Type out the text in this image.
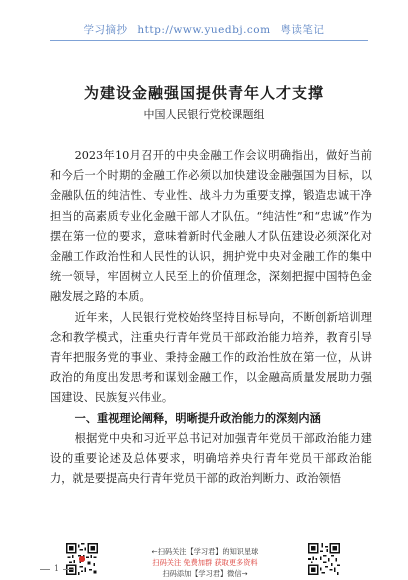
学习摘抄 http://www.yuedbj.com 粤读笔记
为建设金融强国提供青年人才支撑
中国人民银行党校课题组

2023年10月召开的中央金融工作会议明确指出，做好当前和今后一个时期的金融工作必须以加快建设金融强国为目标，以金融队伍的纯洁性、专业性、战斗力为重要支撑，锻造忠诚干净担当的高素质专业化金融干部人才队伍。“纯洁性”和“忠诚”作为摆在第一位的要求，意味着新时代金融人才队伍建设必须深化对金融工作政治性和人民性的认识，拥护党中央对金融工作的集中统一领导，牢固树立人民至上的价值理念，深刻把握中国特色金融发展之路的本质。

近年来，人民银行党校始终坚持目标导向，不断创新培训理念和教学模式，注重央行青年党员干部政治能力培养，教育引导青年把服务党的事业、秉持金融工作的政治性放在第一位，从讲政治的角度出发思考和谋划金融工作，以金融高质量发展助力强国建设、民族复兴伟业。

一、重视理论阐释，明晰提升政治能力的深刻内涵

根据党中央和习近平总书记对加强青年党员干部政治能力建设的重要论述及总体要求，明确培养央行青年党员干部政治能力，就是要提高央行青年党员干部的政治判断力、政治领悟

←扫码关注【学习君】的知识星球
扫码关注 免费加群 获取更多资料
扫码添加【学习君】微信→
1
